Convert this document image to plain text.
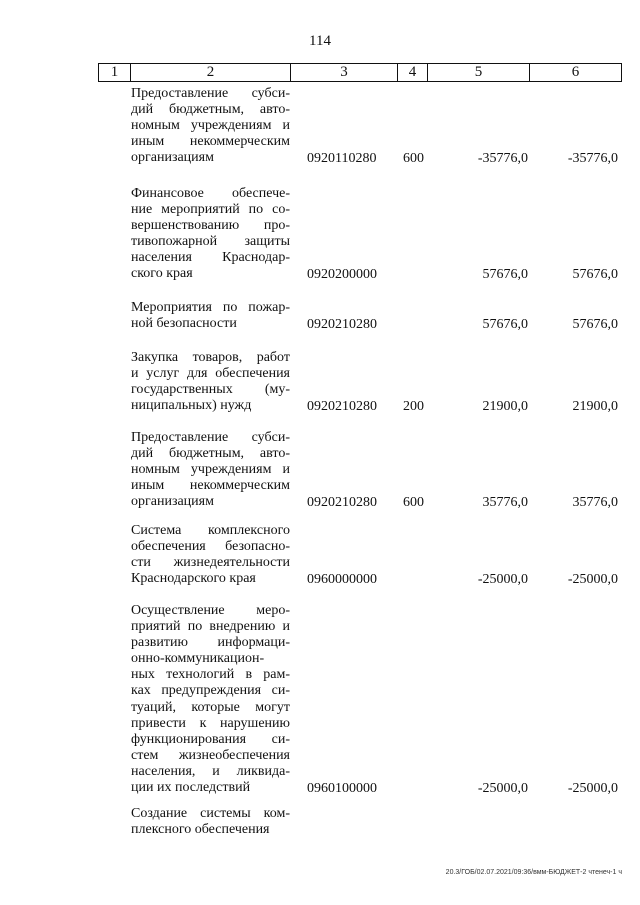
114
1	2	3	4	5	6
Предоставление субси-
дий бюджетным, авто-
номным учреждениям и
иным некоммерческим
организациям	0920110280 600	-35776,0	-35776,0
Финансовое обеспече-
ние мероприятий по со-
вершенствованию про-
тивопожарной защиты
населения Краснодар-
ского края	0920200000	57676,0	57676,0
Мероприятия по пожар-
ной безопасности	0920210280	57676,0	57676,0
Закупка товаров, работ
и услуг для обеспечения
государственных (му-
ниципальных) нужд	0920210280 200	21900,0	21900,0
Предоставление субси-
дий бюджетным, авто-
номным учреждениям и
иным некоммерческим
организациям	0920210280 600	35776,0	35776,0
Система комплексного
обеспечения безопасно-
сти жизнедеятельности
Краснодарского края	0960000000	-25000,0	-25000,0
Осуществление меро-
приятий по внедрению и
развитию информаци-
онно-коммуникацион-
ных технологий в рам-
ках предупреждения си-
туаций, которые могут
привести к нарушению
функционирования си-
стем жизнеобеспечения
населения, и ликвида-
ции их последствий	0960100000	-25000,0	-25000,0
Создание системы ком-
плексного обеспечения
20.3/ГОБ/02.07.2021/09:36/вмм-БЮДЖЕТ-2 чтенеч-1 ч
